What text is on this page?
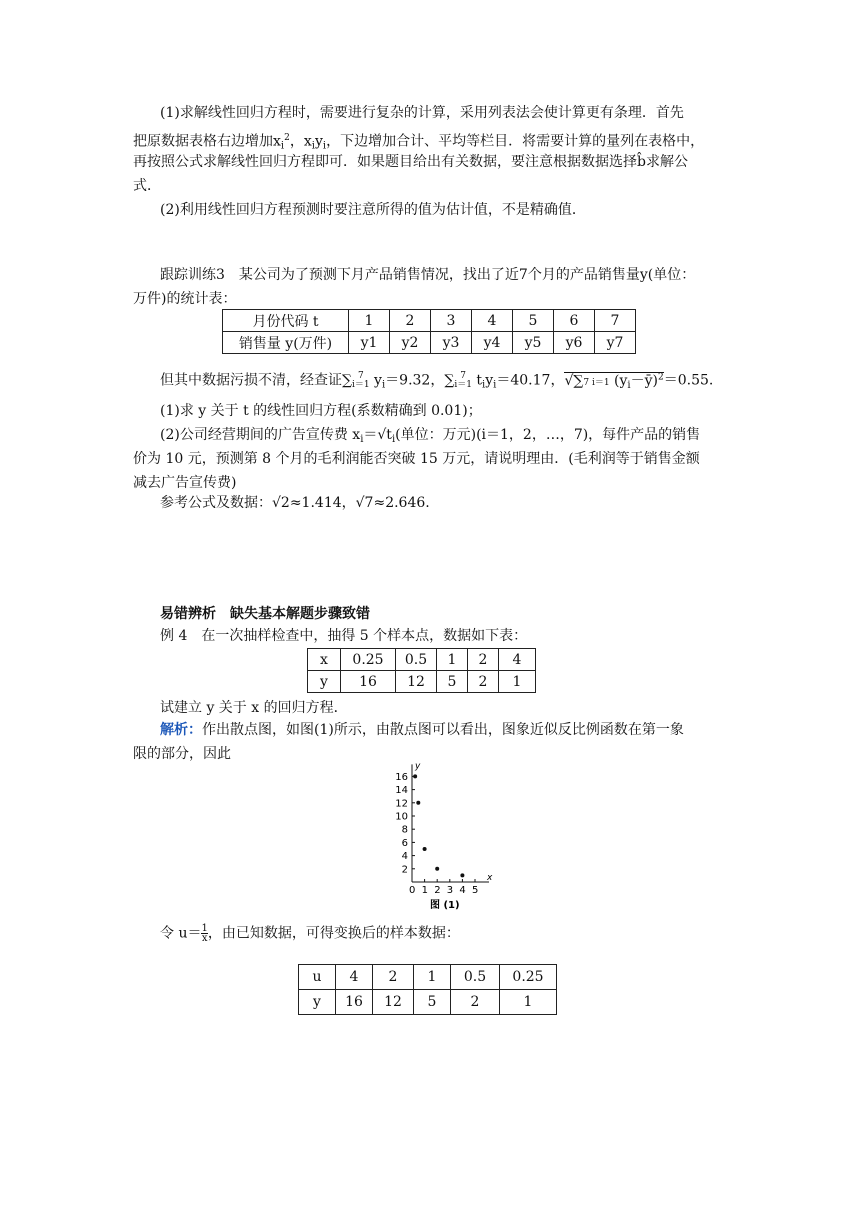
(1)求解线性回归方程时，需要进行复杂的计算，采用列表法会使计算更有条理．首先
把原数据表格右边增加$x_i^2$，$x_iy_i$，下边增加合计、平均等栏目．将需要计算的量列在表格中，
再按照公式求解线性回归方程即可．如果题目给出有关数据，要注意根据数据选择b̂求解公
式．
(2)利用线性回归方程预测时要注意所得的值为估计值，不是精确值．
跟踪训练3　某公司为了预测下月产品销售情况，找出了近7个月的产品销售量y(单位：
万件)的统计表：
月份代码 t	1	2	3	4	5	6	7
销售量 y(万件)	y1	y2	y3	y4	y5	y6	y7
但其中数据污损不清，经查证∑ 7
i＝1 $y_i=9.32$，∑ 7
i＝1 $t_iy_i=40.17$，√∑7 i＝1 $(y_i-ȳ)^2=0.55$.
(1)求 y 关于 t 的线性回归方程(系数精确到 0.01)；
(2)公司经营期间的广告宣传费 $x_i=√t_i$(单位：万元)(i＝1，2，…，7)，每件产品的销售
价为 10 元，预测第 8 个月的毛利润能否突破 15 万元，请说明理由．(毛利润等于销售金额
减去广告宣传费)
参考公式及数据：√2≈1.414，√7≈2.646.
易错辨析　缺失基本解题步骤致错
例 4　在一次抽样检查中，抽得 5 个样本点，数据如下表：
x	0.25	0.5	1	2	4
y	16	12	5	2	1
试建立 y 关于 x 的回归方程．
解析：作出散点图，如图(1)所示，由散点图可以看出，图象近似反比例函数在第一象
限的部分，因此
x
y
0 1 2 3 4 5
2
4
6
8
10
12
14
16
图 (1)
令 $u= \frac{1}{x}$ ，由已知数据，可得变换后的样本数据：
u	4	2	1	0.5	0.25
y	16	12	5	2	1
